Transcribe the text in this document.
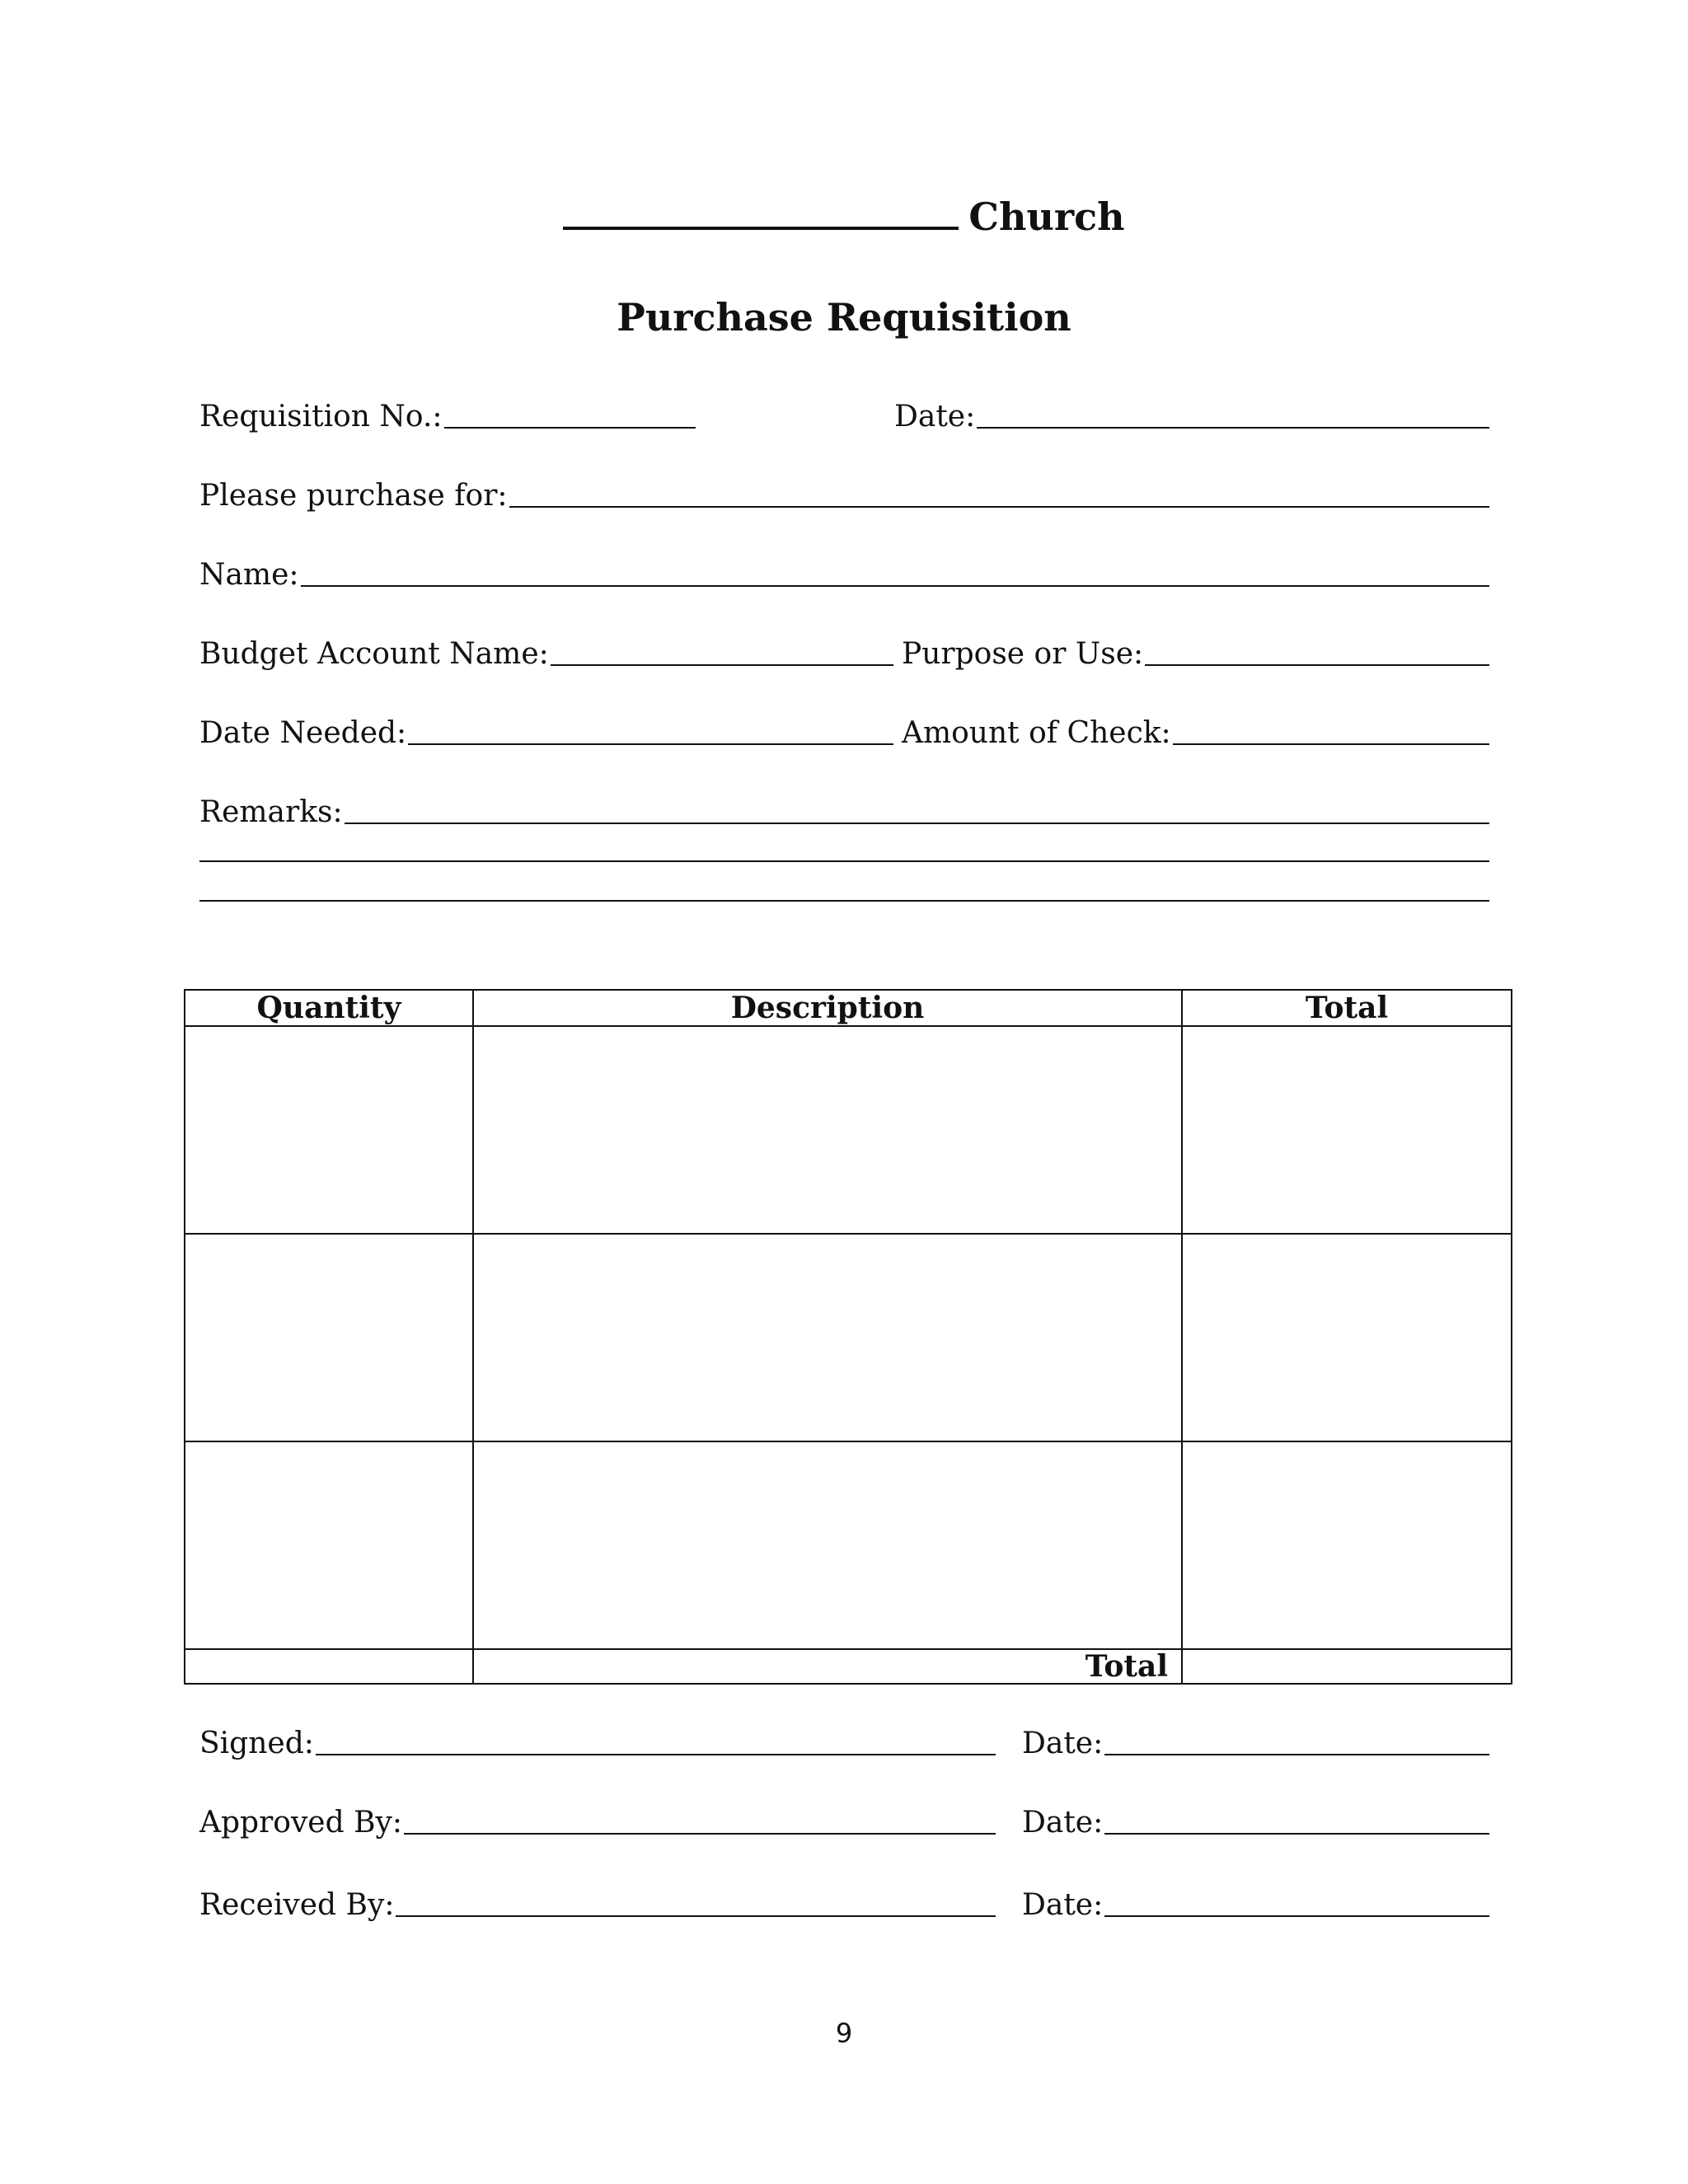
Church
Purchase Requisition
Requisition No.:	Date:
Please purchase for:
Name:
Budget Account Name:	Purpose or Use:
Date Needed:	Amount of Check:
Remarks:
Quantity	Description	Total

	Total	
Signed:	Date:
Approved By:	Date:
Received By:	Date:
9
